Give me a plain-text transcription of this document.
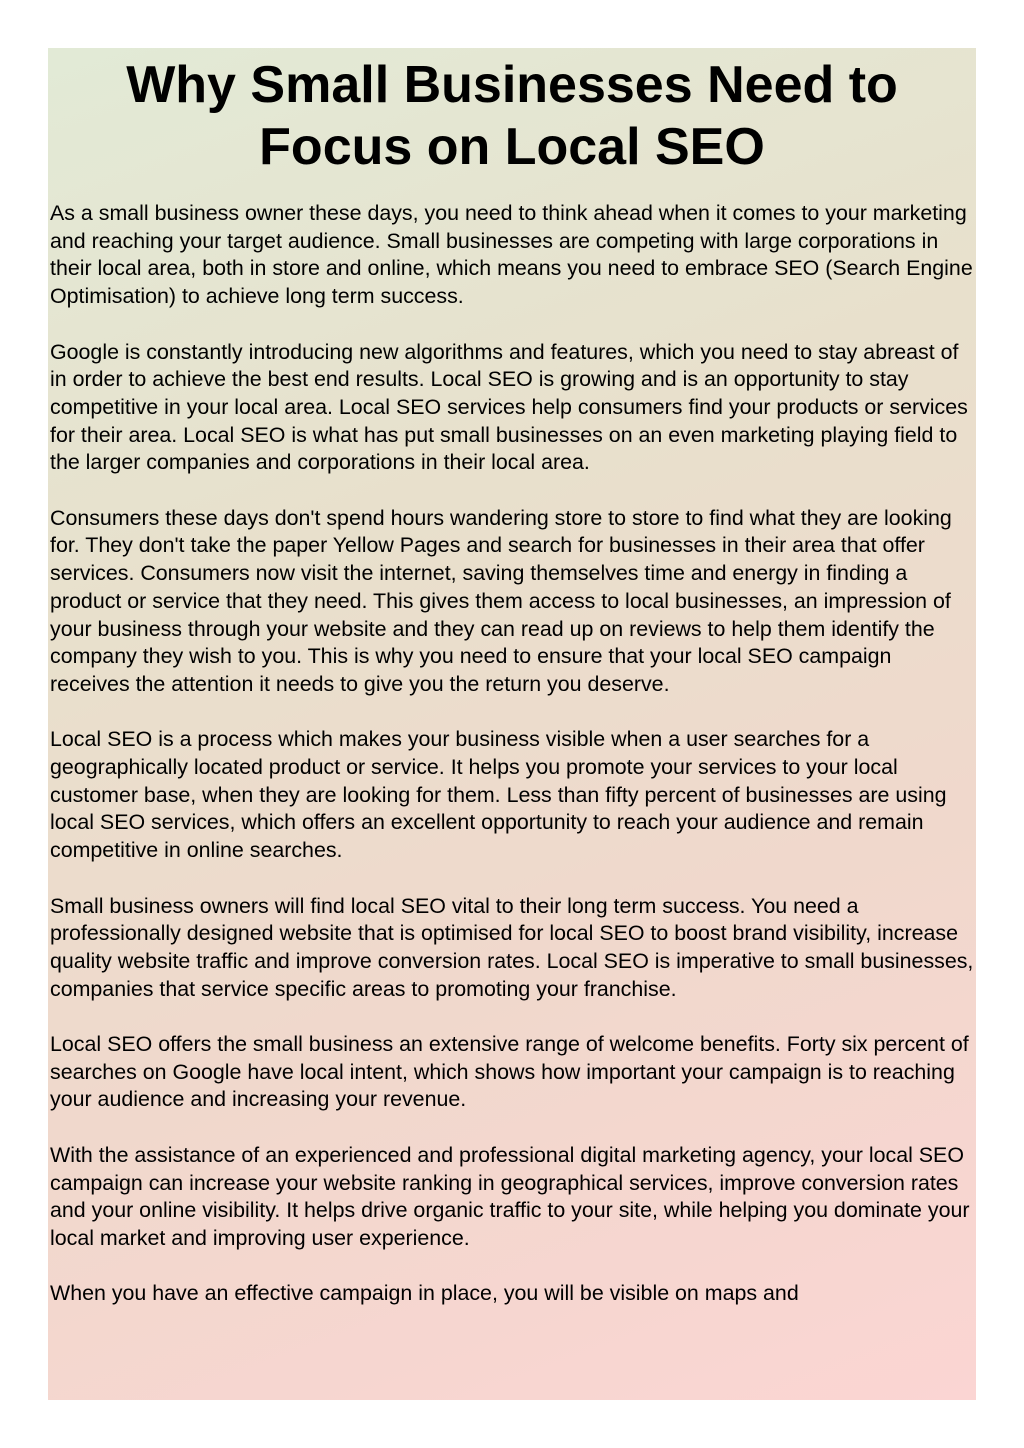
Why Small Businesses Need to Focus on Local SEO

As a small business owner these days, you need to think ahead when it comes to your marketing and reaching your target audience. Small businesses are competing with large corporations in their local area, both in store and online, which means you need to embrace SEO (Search Engine Optimisation) to achieve long term success.

Google is constantly introducing new algorithms and features, which you need to stay abreast of in order to achieve the best end results. Local SEO is growing and is an opportunity to stay competitive in your local area. Local SEO services help consumers find your products or services for their area. Local SEO is what has put small businesses on an even marketing playing field to the larger companies and corporations in their local area.

Consumers these days don't spend hours wandering store to store to find what they are looking for. They don't take the paper Yellow Pages and search for businesses in their area that offer services. Consumers now visit the internet, saving themselves time and energy in finding a product or service that they need. This gives them access to local businesses, an impression of your business through your website and they can read up on reviews to help them identify the company they wish to you. This is why you need to ensure that your local SEO campaign receives the attention it needs to give you the return you deserve.

Local SEO is a process which makes your business visible when a user searches for a geographically located product or service. It helps you promote your services to your local customer base, when they are looking for them. Less than fifty percent of businesses are using local SEO services, which offers an excellent opportunity to reach your audience and remain competitive in online searches.

Small business owners will find local SEO vital to their long term success. You need a professionally designed website that is optimised for local SEO to boost brand visibility, increase quality website traffic and improve conversion rates. Local SEO is imperative to small businesses, companies that service specific areas to promoting your franchise.

Local SEO offers the small business an extensive range of welcome benefits. Forty six percent of searches on Google have local intent, which shows how important your campaign is to reaching your audience and increasing your revenue.

With the assistance of an experienced and professional digital marketing agency, your local SEO campaign can increase your website ranking in geographical services, improve conversion rates and your online visibility. It helps drive organic traffic to your site, while helping you dominate your local market and improving user experience.

When you have an effective campaign in place, you will be visible on maps and
